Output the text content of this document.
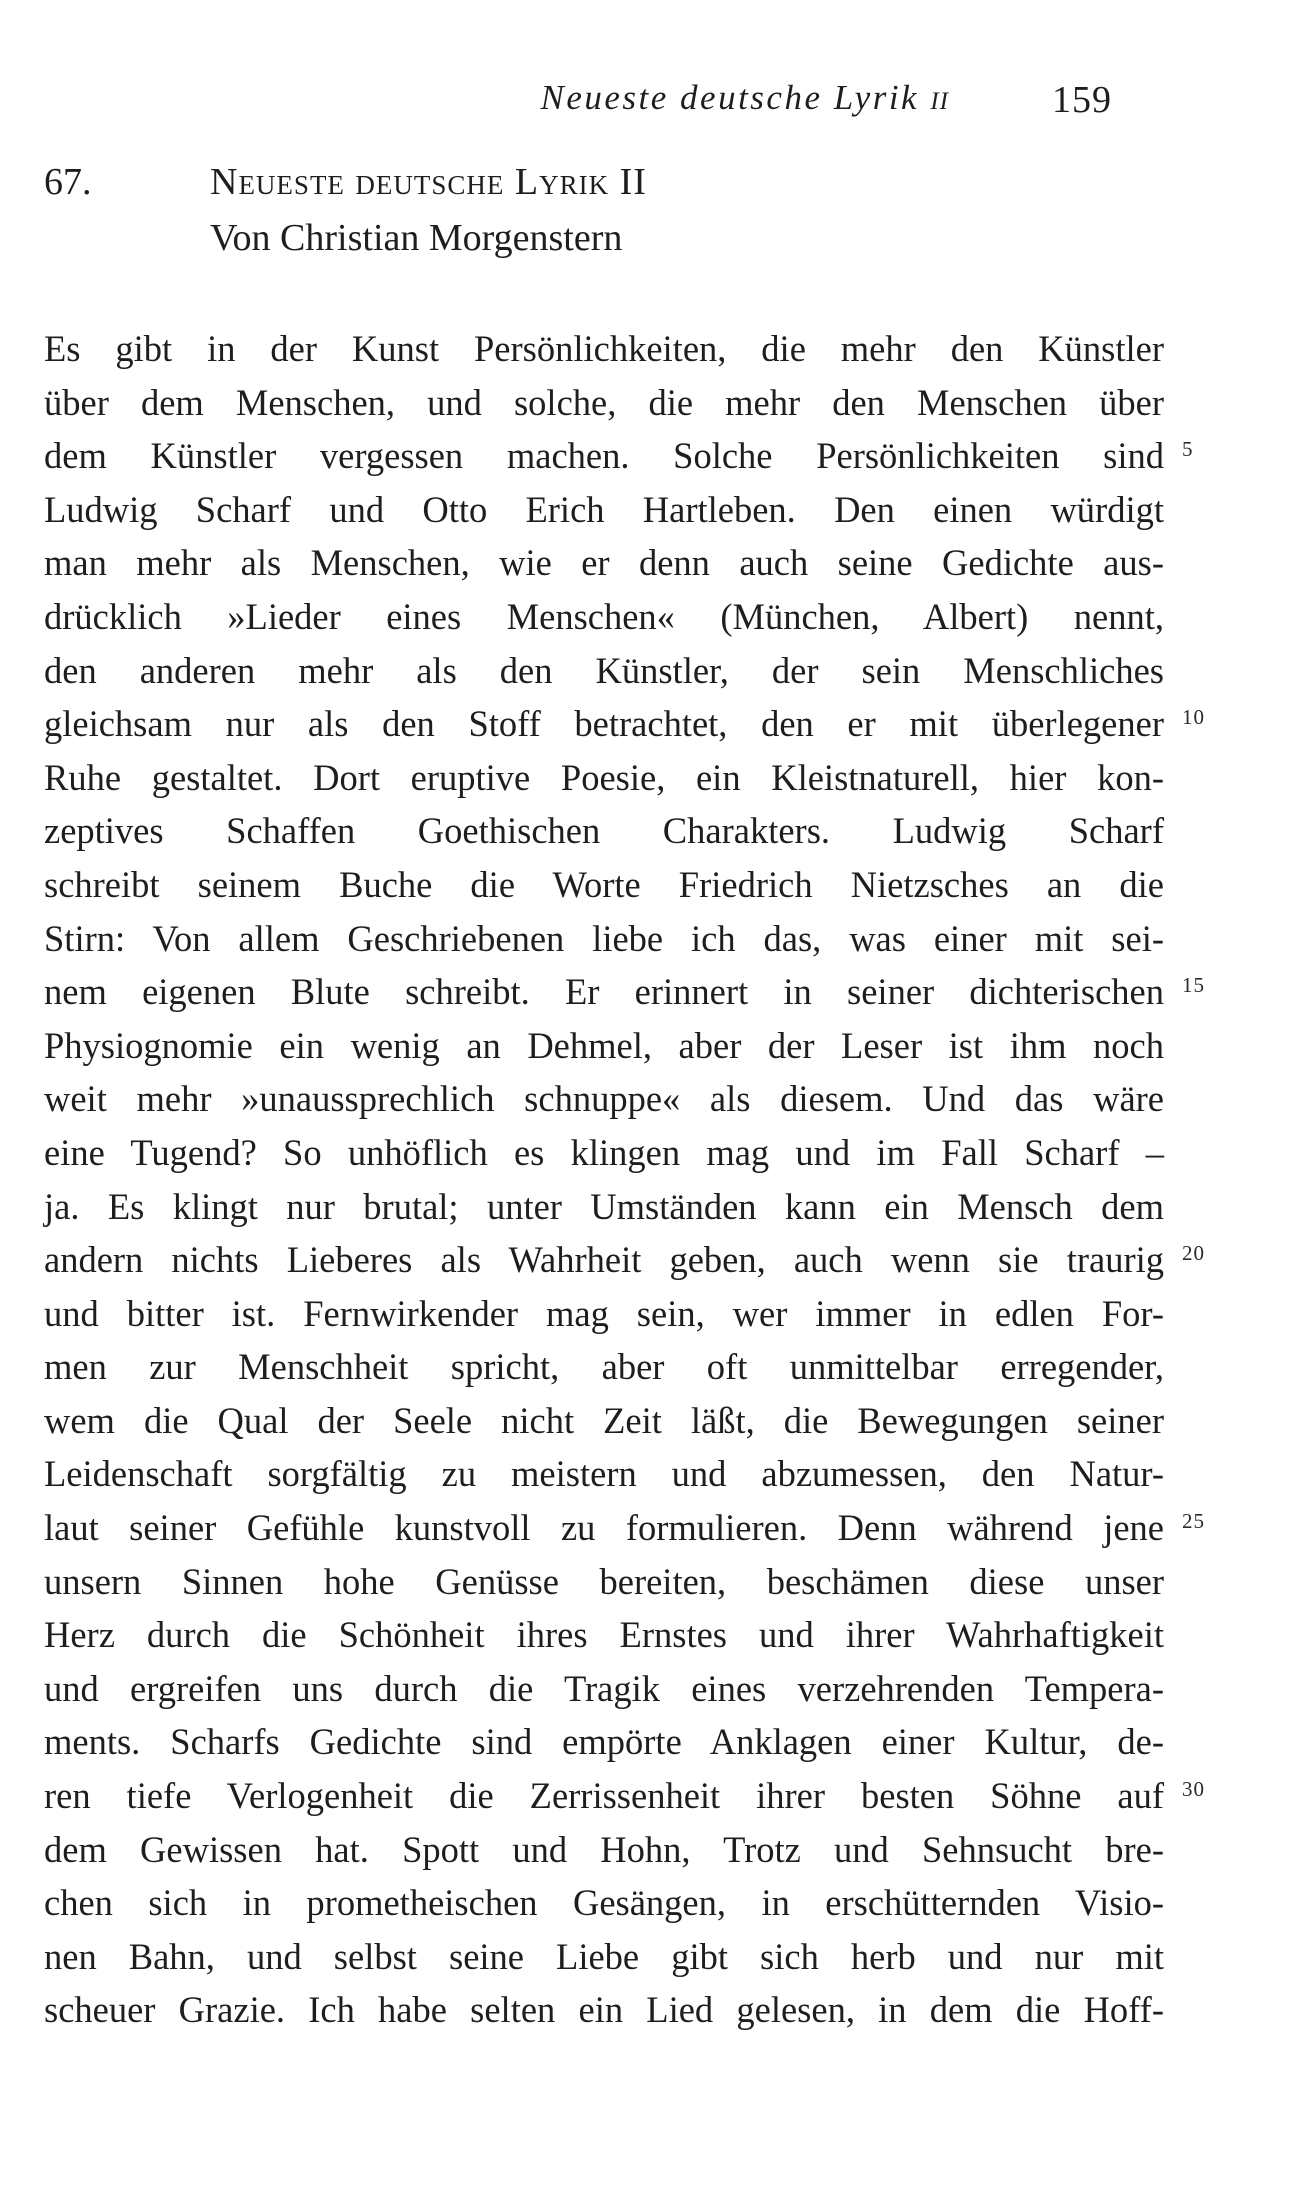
Neueste deutsche Lyrik II	159
67.	Neueste deutsche Lyrik II
Von Christian Morgenstern
Es gibt in der Kunst Persönlichkeiten, die mehr den Künstler
über dem Menschen, und solche, die mehr den Menschen über
dem Künstler vergessen machen. Solche Persönlichkeiten sind 5
Ludwig Scharf und Otto Erich Hartleben. Den einen würdigt
man mehr als Menschen, wie er denn auch seine Gedichte aus-
drücklich »Lieder eines Menschen« (München, Albert) nennt,
den anderen mehr als den Künstler, der sein Menschliches
gleichsam nur als den Stoff betrachtet, den er mit überlegener 10
Ruhe gestaltet. Dort eruptive Poesie, ein Kleistnaturell, hier kon-
zeptives Schaffen Goethischen Charakters. Ludwig Scharf
schreibt seinem Buche die Worte Friedrich Nietzsches an die
Stirn: Von allem Geschriebenen liebe ich das, was einer mit sei-
nem eigenen Blute schreibt. Er erinnert in seiner dichterischen 15
Physiognomie ein wenig an Dehmel, aber der Leser ist ihm noch
weit mehr »unaussprechlich schnuppe« als diesem. Und das wäre
eine Tugend? So unhöflich es klingen mag und im Fall Scharf –
ja. Es klingt nur brutal; unter Umständen kann ein Mensch dem
andern nichts Lieberes als Wahrheit geben, auch wenn sie traurig 20
und bitter ist. Fernwirkender mag sein, wer immer in edlen For-
men zur Menschheit spricht, aber oft unmittelbar erregender,
wem die Qual der Seele nicht Zeit läßt, die Bewegungen seiner
Leidenschaft sorgfältig zu meistern und abzumessen, den Natur-
laut seiner Gefühle kunstvoll zu formulieren. Denn während jene 25
unsern Sinnen hohe Genüsse bereiten, beschämen diese unser
Herz durch die Schönheit ihres Ernstes und ihrer Wahrhaftigkeit
und ergreifen uns durch die Tragik eines verzehrenden Tempera-
ments. Scharfs Gedichte sind empörte Anklagen einer Kultur, de-
ren tiefe Verlogenheit die Zerrissenheit ihrer besten Söhne auf 30
dem Gewissen hat. Spott und Hohn, Trotz und Sehnsucht bre-
chen sich in prometheischen Gesängen, in erschütternden Visio-
nen Bahn, und selbst seine Liebe gibt sich herb und nur mit
scheuer Grazie. Ich habe selten ein Lied gelesen, in dem die Hoff-
